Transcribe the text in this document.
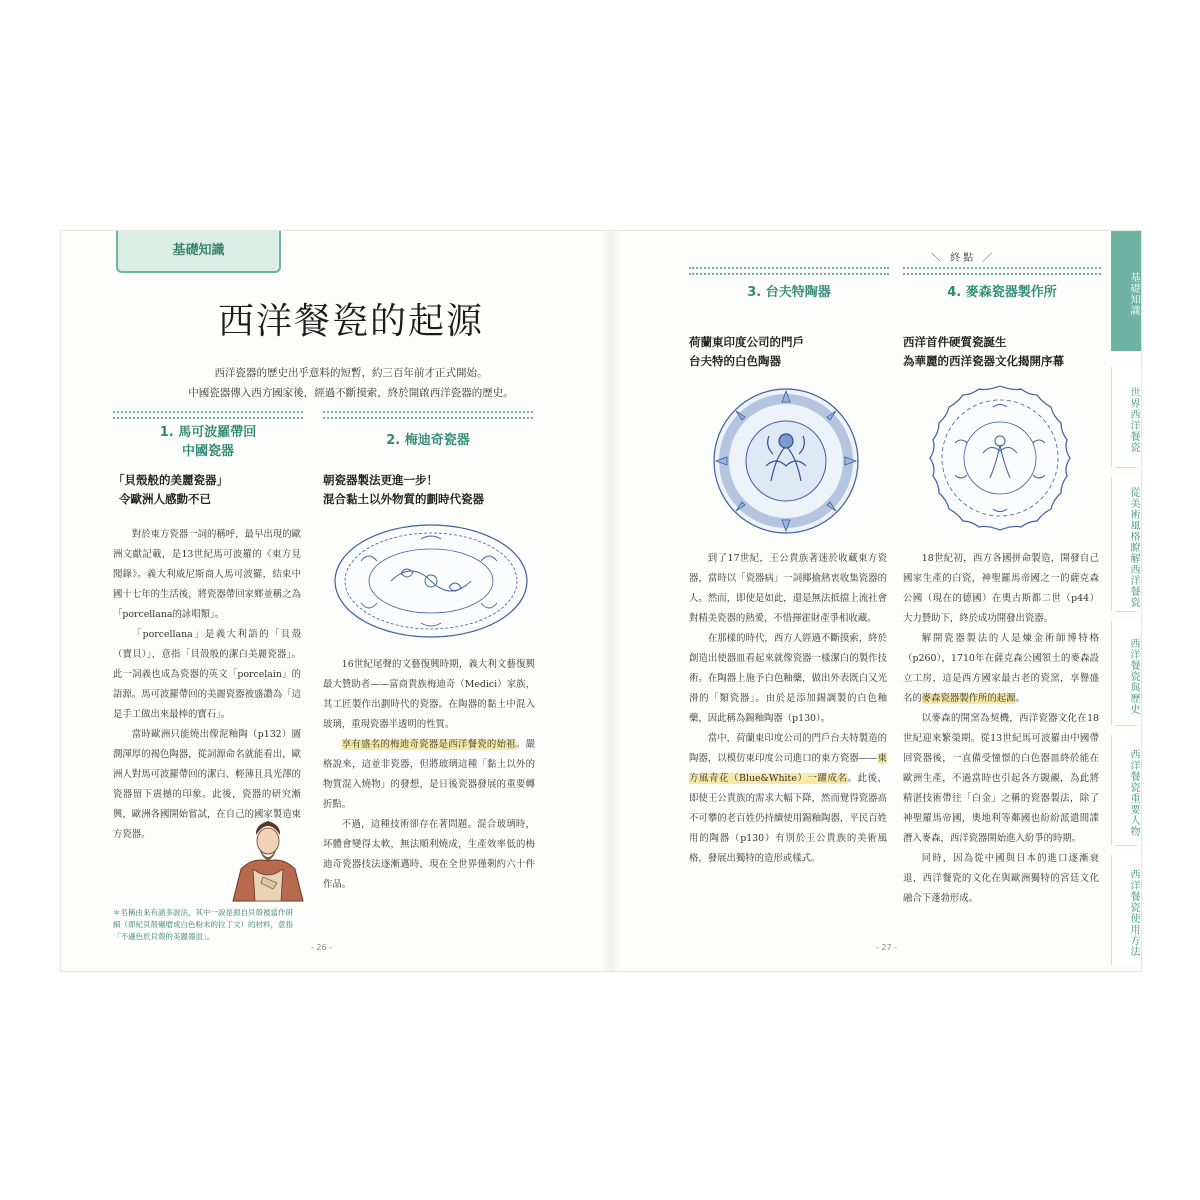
基礎知識
西洋餐瓷的起源
西洋瓷器的歷史出乎意料的短暫，約三百年前才正式開始。
中國瓷器傳入西方國家後，經過不斷摸索，終於開啟西洋瓷器的歷史。
1. 馬可波羅帶回
中國瓷器
「貝殼般的美麗瓷器」
令歐洲人感動不已

對於東方瓷器一詞的稱呼，最早出現的歐洲文獻記載，是13世紀馬可波羅的《東方見聞錄》。義大利威尼斯商人馬可波羅，結束中國十七年的生活後，將瓷器帶回家鄉並稱之為「porcellana的詠唱類」。

「porcellana」是義大利語的「貝殼（寶貝）」，意指「貝殼般的潔白美麗瓷器」。此一詞義也成為瓷器的英文「porcelain」的語源。馬可波羅帶回的美麗瓷器被盛讚為「這是手工做出來最棒的寶石」。

當時歐洲只能燒出像泥釉陶（p132）圖潤渾厚的褐色陶器，從詞源命名就能看出，歐洲人對馬可波羅帶回的潔白、輕薄且具光澤的瓷器留下震撼的印象。此後，瓷器的研究漸興，歐洲各國開始嘗試，在自己的國家製造東方瓷器。

＊名稱由來有諸多說法，其中一說是源自貝殼被當作研
細（即紀貝殼碾磨成白色粉末的拉丁文）的材料，意指
「不遜色於貝殼的美麗器皿」。
2. 梅迪奇瓷器
朝瓷器製法更進一步！
混合黏土以外物質的劃時代瓷器

16世紀尾聲的文藝復興時期，義大利文藝復興最大贊助者——富商貴族梅迪奇（Medici）家族，其工匠製作出劃時代的瓷器。在陶器的黏土中混入玻璃，重現瓷器半透明的性質。

享有盛名的梅迪奇瓷器是西洋餐瓷的始祖。嚴格說來，這並非瓷器，但將玻璃這種「黏土以外的物質混入燒物」的發想，是日後瓷器發展的重要轉折點。

不過，這種技術卻存在著問題。混合玻璃時，坏體會變得太軟，無法順利燒成，生產效率低的梅迪奇瓷器技法逐漸邁時，現在全世界僅剩約六十件作品。

- 26 -
＼ 終點 ／
3. 台夫特陶器
荷蘭東印度公司的門戶
台夫特的白色陶器

到了17世紀，王公貴族著迷於收藏東方瓷器，當時以「瓷器病」一詞揶揄熱衷收集瓷器的人。然而，即使是如此，還是無法抵擋上流社會對精美瓷器的熱愛，不惜揮霍財產爭相收藏。

在那樣的時代，西方人經過不斷摸索，終於創造出使器皿看起來就像瓷器一樣潔白的製作技術。在陶器上施予白色釉藥，做出外表既白又光滑的「類瓷器」。由於是添加錫調製的白色釉藥，因此稱為錫釉陶器（p130）。

當中，荷蘭東印度公司的門戶台夫特製造的陶器，以模仿東印度公司進口的東方瓷器——東方風青花（Blue&White）一躍成名。此後，即使王公貴族的需求大幅下降，然而覺得瓷器高不可攀的老百姓仍持續使用錫釉陶器，平民百姓用的陶器（p130）有別於王公貴族的美術風格，發展出獨特的造形或樣式。

4. 麥森瓷器製作所
西洋首件硬質瓷誕生
為華麗的西洋瓷器文化揭開序幕

18世紀初，西方各國拼命製造，開發自己國家生產的白瓷，神聖羅馬帝國之一的薩克森公國（現在的德國）在奧古斯都二世（p44）大力贊助下，終於成功開發出瓷器。

解開瓷器製法的人是煉金術師博特格（p260），1710年在薩克森公國領土的麥森設立工房，這是西方國家最古老的瓷窯，享譽盛名的麥森瓷器製作所的起源。

以麥森的開窯為契機，西洋瓷器文化在18世紀迎來繁榮期。從13世紀馬可波羅由中國帶回瓷器後，一直備受憧憬的白色器皿終於能在歐洲生產，不過當時也引起各方覬覦，為此將精湛技術帶往「白金」之稱的瓷器製法，除了神聖羅馬帝國，奧地利等鄰國也紛紛派遣間諜潛入麥森，西洋瓷器開始進入紛爭的時期。

同時，因為從中國與日本的進口逐漸衰退，西洋餐瓷的文化在與歐洲獨特的宮廷文化融合下蓬勃形成。

- 27 -
基礎知識
世界西洋餐瓷
從美術風格瞭解西洋餐瓷
西洋餐瓷與歷史
西洋餐瓷重要人物
西洋餐瓷使用方法
